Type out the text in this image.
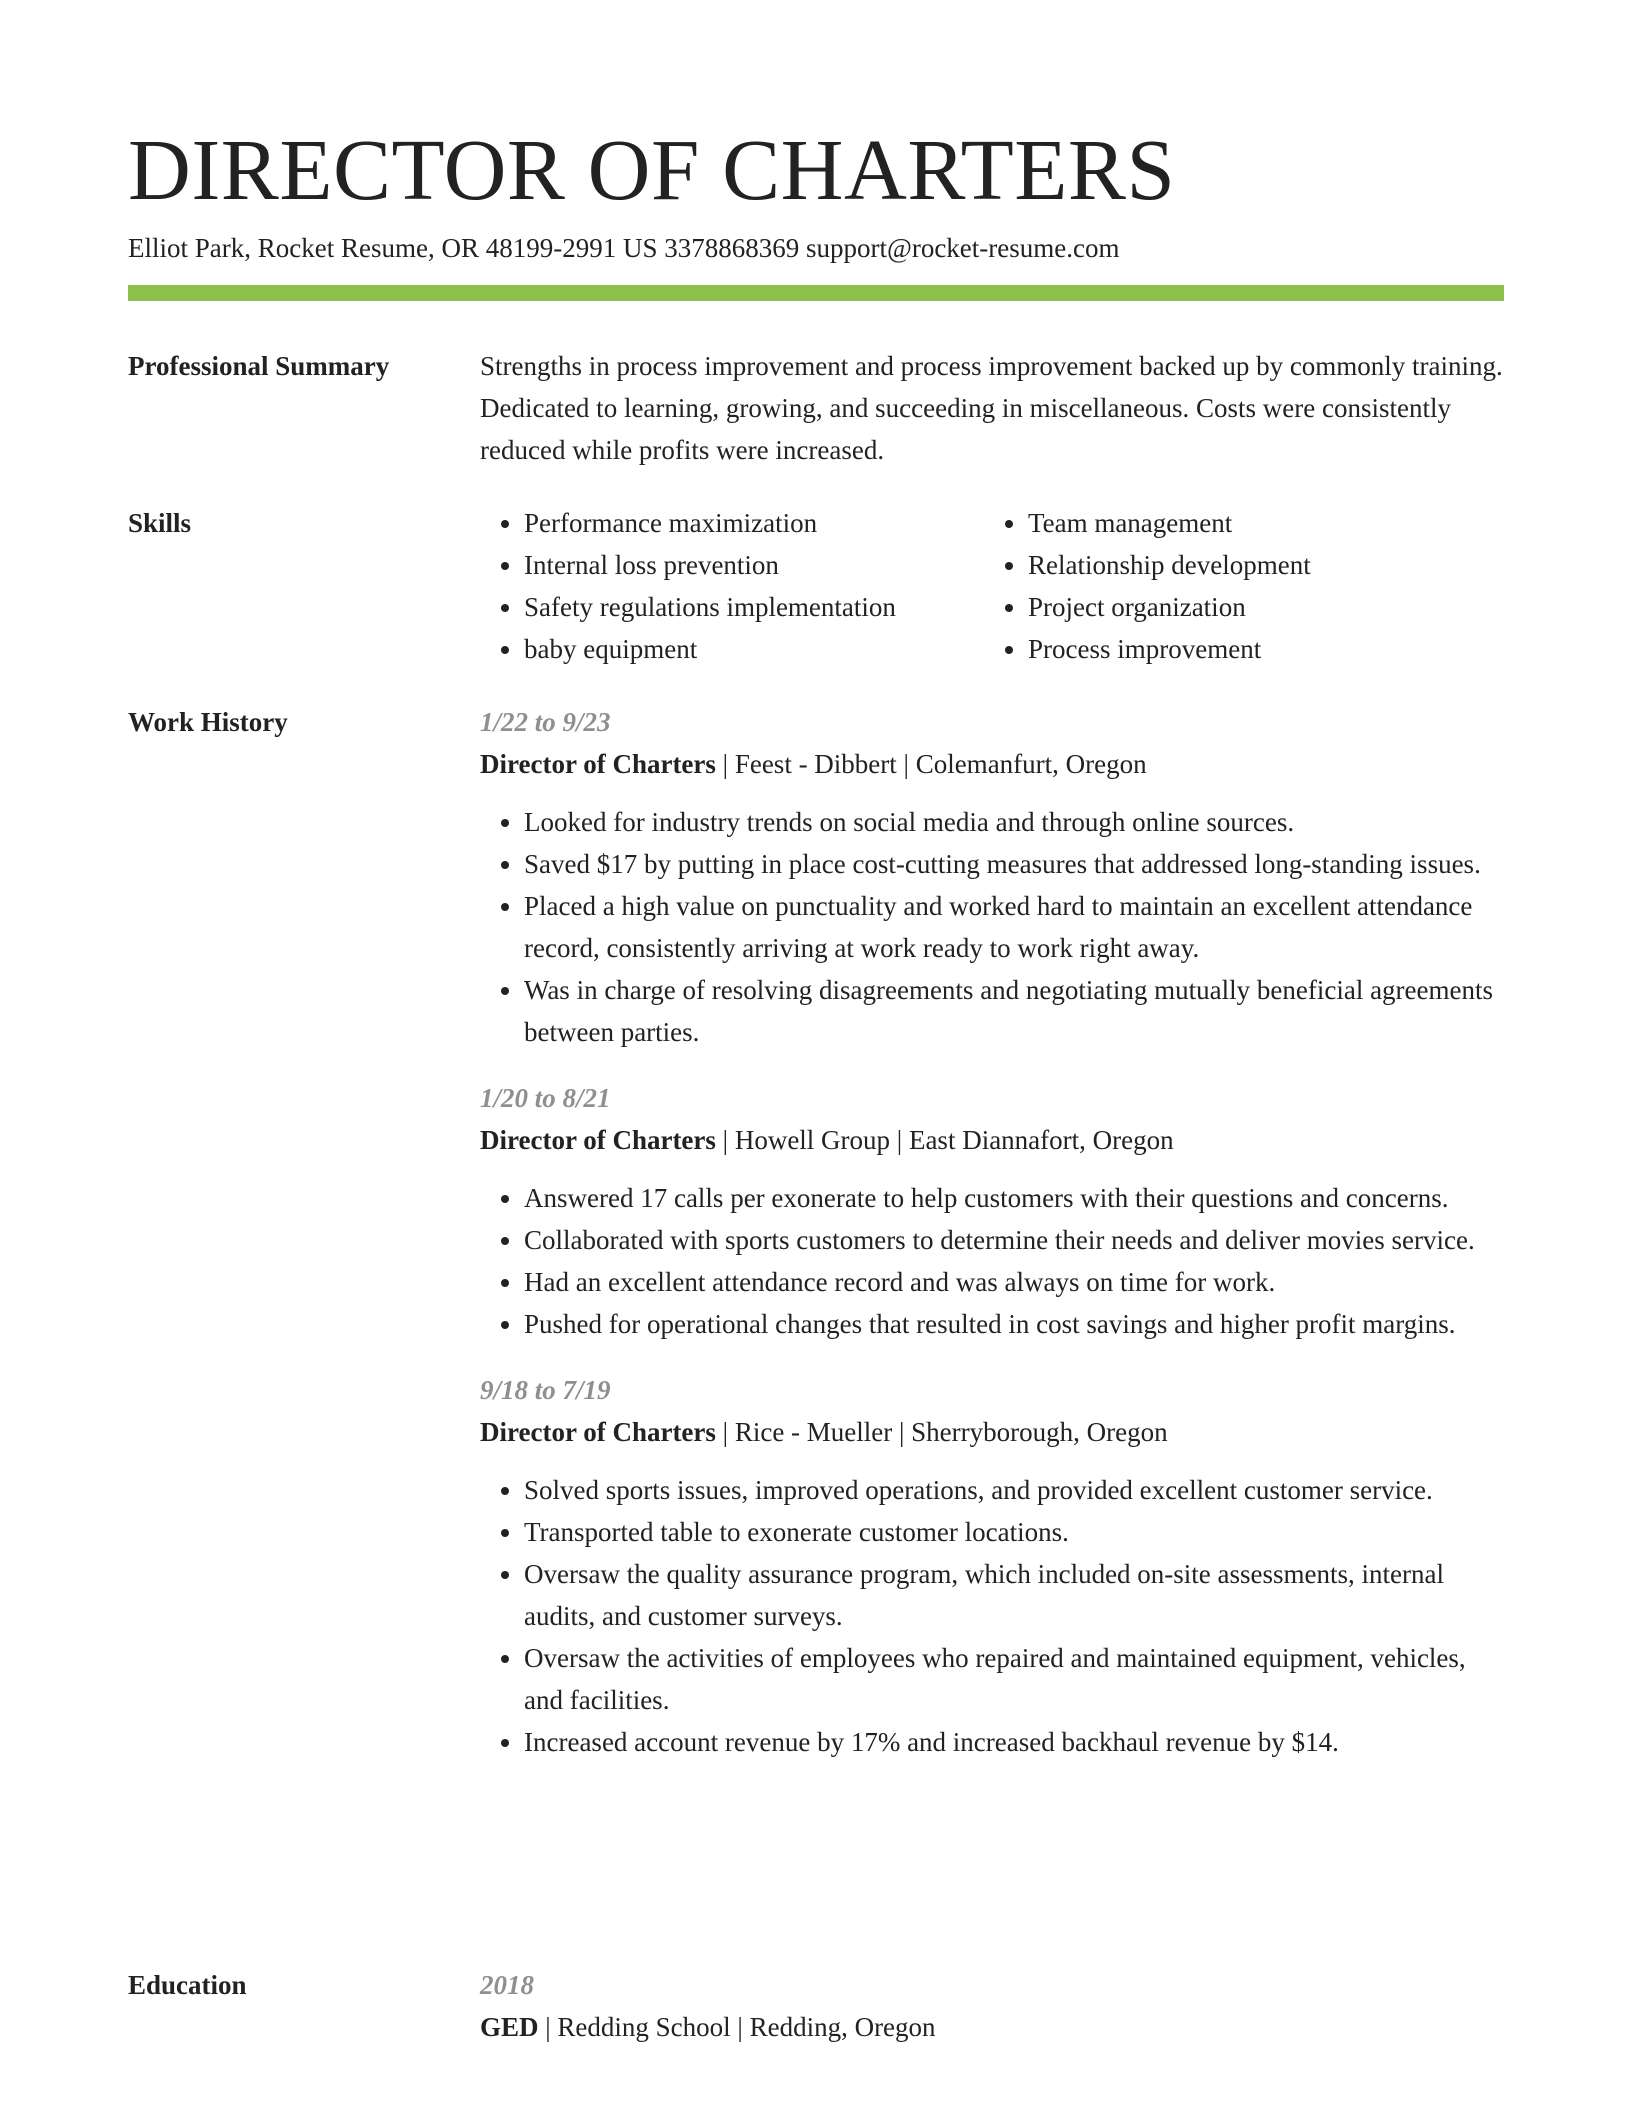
DIRECTOR OF CHARTERS
Elliot Park, Rocket Resume, OR 48199-2991 US 3378868369 support@rocket-resume.com
Professional Summary	Strengths in process improvement and process improvement backed up by commonly training. Dedicated to learning, growing, and succeeding in miscellaneous. Costs were consistently reduced while profits were increased.

Skills
•	Performance maximization
• Internal loss prevention
• Safety regulations implementation
• baby equipment
• Team management
• Relationship development
• Project organization
• Process improvement
Work History	1/22 to 9/23
Director of Charters | Feest - Dibbert | Colemanfurt, Oregon
• Looked for industry trends on social media and through online sources.
• Saved $17 by putting in place cost-cutting measures that addressed long-standing issues.
• Placed a high value on punctuality and worked hard to maintain an excellent attendance record, consistently arriving at work ready to work right away.
• Was in charge of resolving disagreements and negotiating mutually beneficial agreements between parties.
1/20 to 8/21
Director of Charters | Howell Group | East Diannafort, Oregon
• Answered 17 calls per exonerate to help customers with their questions and concerns.
• Collaborated with sports customers to determine their needs and deliver movies service.
• Had an excellent attendance record and was always on time for work.
• Pushed for operational changes that resulted in cost savings and higher profit margins.
9/18 to 7/19
Director of Charters | Rice - Mueller | Sherryborough, Oregon
• Solved sports issues, improved operations, and provided excellent customer service.
• Transported table to exonerate customer locations.
• Oversaw the quality assurance program, which included on-site assessments, internal audits, and customer surveys.
• Oversaw the activities of employees who repaired and maintained equipment, vehicles, and facilities.
• Increased account revenue by 17% and increased backhaul revenue by $14.
Education	2018
GED | Redding School | Redding, Oregon
